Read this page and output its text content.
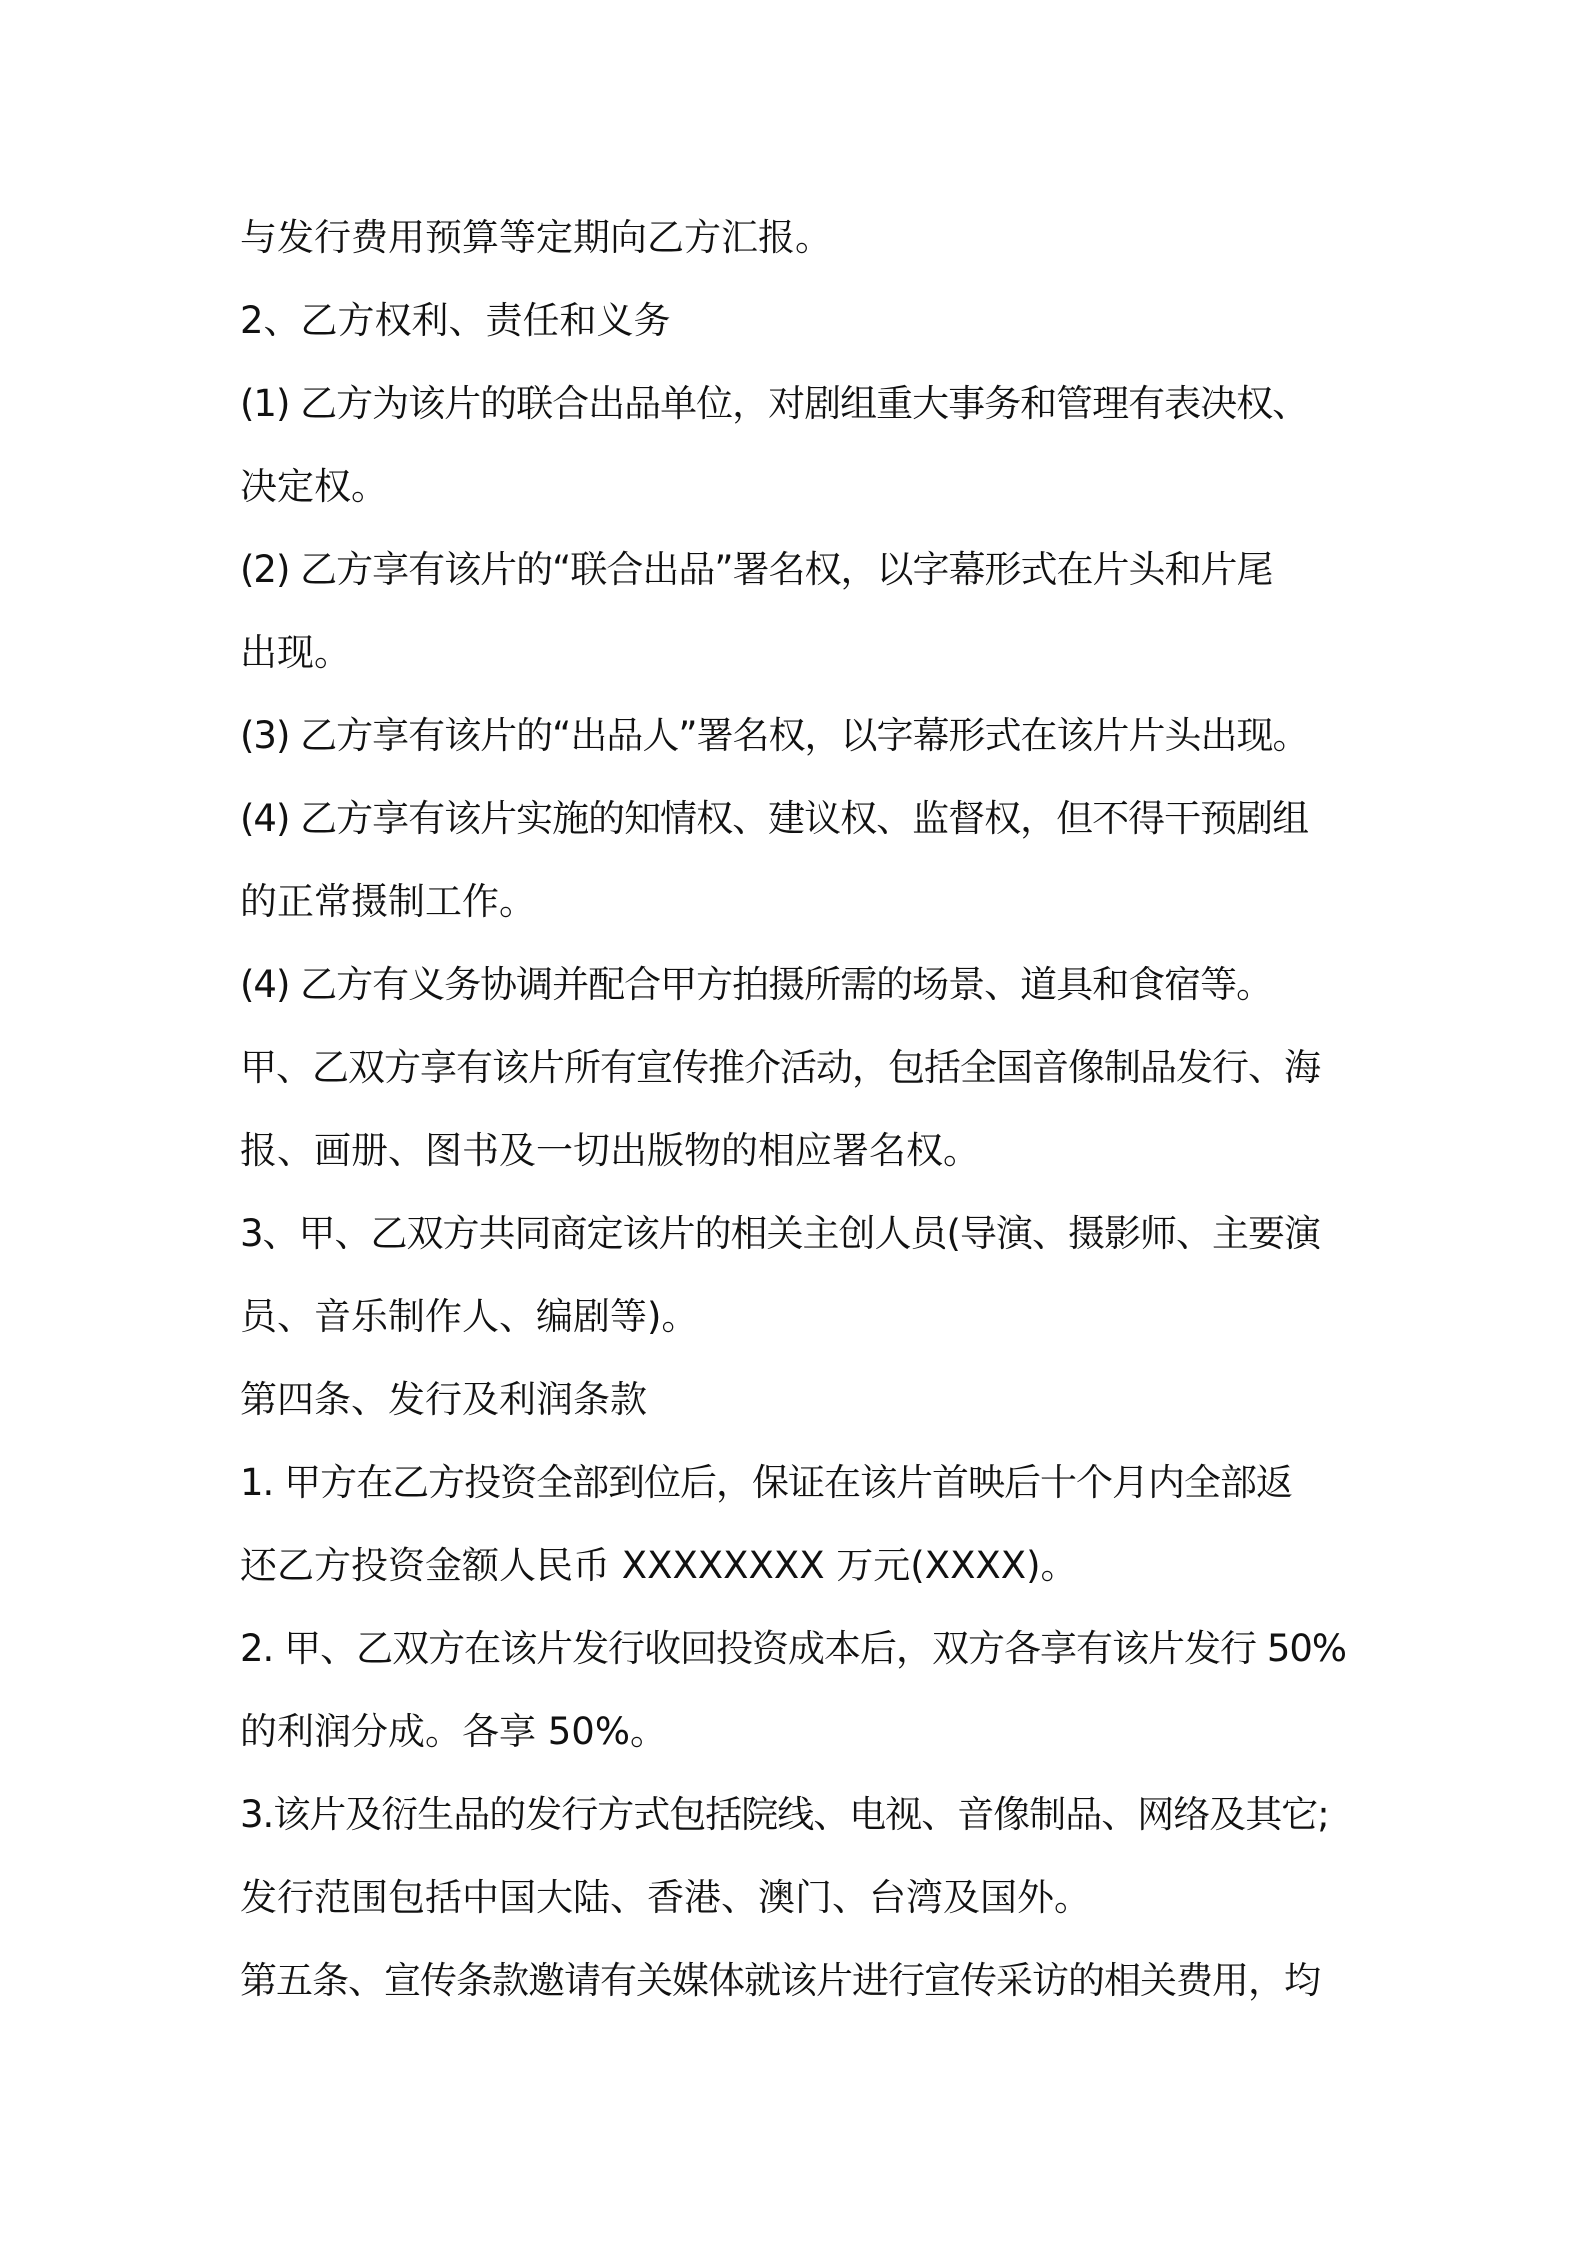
与发行费用预算等定期向乙方汇报。
2、乙方权利、责任和义务
(1) 乙方为该片的联合出品单位，对剧组重大事务和管理有表决权、
决定权。
(2) 乙方享有该片的“联合出品”署名权，以字幕形式在片头和片尾
出现。
(3) 乙方享有该片的“出品人”署名权，以字幕形式在该片片头出现。
(4) 乙方享有该片实施的知情权、建议权、监督权，但不得干预剧组
的正常摄制工作。
(4) 乙方有义务协调并配合甲方拍摄所需的场景、道具和食宿等。
甲、乙双方享有该片所有宣传推介活动，包括全国音像制品发行、海
报、画册、图书及一切出版物的相应署名权。
3、甲、乙双方共同商定该片的相关主创人员(导演、摄影师、主要演
员、音乐制作人、编剧等)。
第四条、发行及利润条款
1. 甲方在乙方投资全部到位后，保证在该片首映后十个月内全部返
还乙方投资金额人民币 XXXXXXXX 万元(XXXX)。
2. 甲、乙双方在该片发行收回投资成本后，双方各享有该片发行 50%
的利润分成。各享 50%。
3.该片及衍生品的发行方式包括院线、电视、音像制品、网络及其它;
发行范围包括中国大陆、香港、澳门、台湾及国外。
第五条、宣传条款邀请有关媒体就该片进行宣传采访的相关费用，均
